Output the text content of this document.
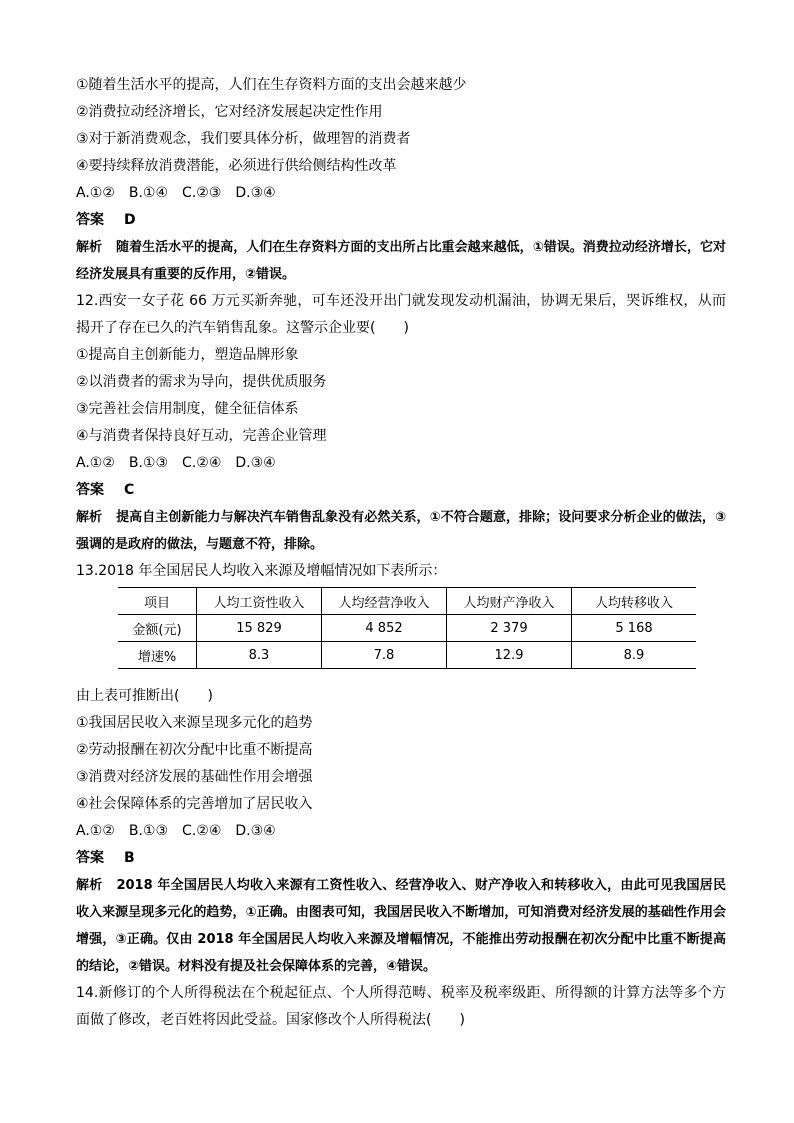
①随着生活水平的提高，人们在生存资料方面的支出会越来越少
②消费拉动经济增长，它对经济发展起决定性作用
③对于新消费观念，我们要具体分析，做理智的消费者
④要持续释放消费潜能，必须进行供给侧结构性改革
A.①②　B.①④　C.②③　D.③④
答案 D
解析 随着生活水平的提高，人们在生存资料方面的支出所占比重会越来越低，①错误。消费拉动经济增长，它对经济发展具有重要的反作用，②错误。
12.西安一女子花 66 万元买新奔驰，可车还没开出门就发现发动机漏油，协调无果后，哭诉维权，从而揭开了存在已久的汽车销售乱象。这警示企业要(　　)
①提高自主创新能力，塑造品牌形象
②以消费者的需求为导向，提供优质服务
③完善社会信用制度，健全征信体系
④与消费者保持良好互动，完善企业管理
A.①②　B.①③　C.②④　D.③④
答案 C
解析 提高自主创新能力与解决汽车销售乱象没有必然关系，①不符合题意，排除；设问要求分析企业的做法，③强调的是政府的做法，与题意不符，排除。
13.2018 年全国居民人均收入来源及增幅情况如下表所示：
项目	人均工资性收入	人均经营净收入	人均财产净收入	人均转移收入
金额(元)	15 829	4 852	2 379	5 168
增速%	8.3	7.8	12.9	8.9
由上表可推断出(　　)
①我国居民收入来源呈现多元化的趋势
②劳动报酬在初次分配中比重不断提高
③消费对经济发展的基础性作用会增强
④社会保障体系的完善增加了居民收入
A.①②　B.①③　C.②④　D.③④
答案 B
解析 2018 年全国居民人均收入来源有工资性收入、经营净收入、财产净收入和转移收入，由此可见我国居民收入来源呈现多元化的趋势，①正确。由图表可知，我国居民收入不断增加，可知消费对经济发展的基础性作用会增强，③正确。仅由 2018 年全国居民人均收入来源及增幅情况，不能推出劳动报酬在初次分配中比重不断提高的结论，②错误。材料没有提及社会保障体系的完善，④错误。
14.新修订的个人所得税法在个税起征点、个人所得范畴、税率及税率级距、所得额的计算方法等多个方面做了修改，老百姓将因此受益。国家修改个人所得税法(　　)
